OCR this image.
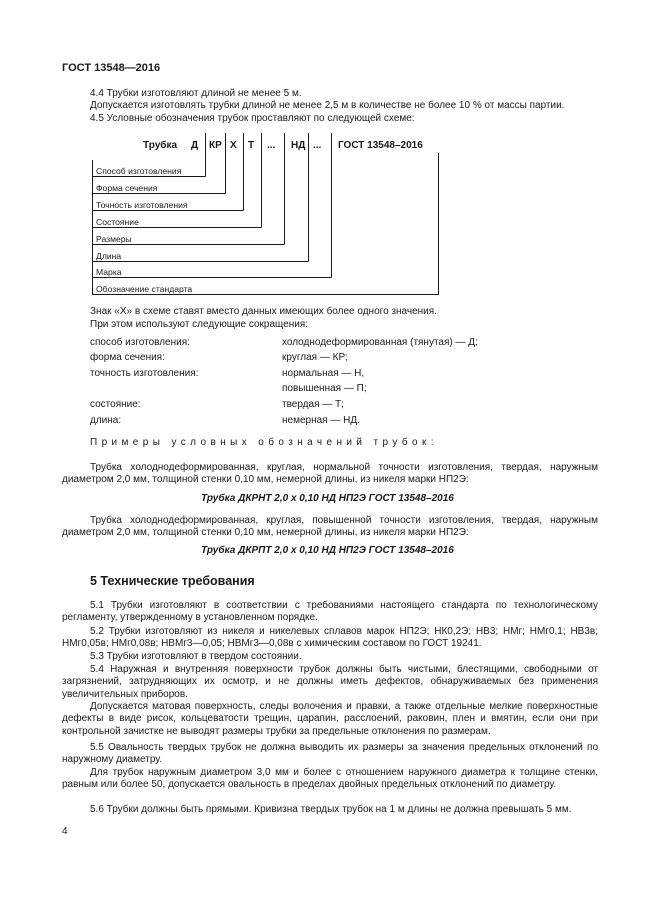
ГОСТ 13548—2016
4.4 Трубки изготовляют длиной не менее 5 м.
Допускается изготовлять трубки длиной не менее 2,5 м в количестве не более 10 % от массы партии.
4.5 Условные обозначения трубок проставляют по следующей схеме:
Трубка Д КР Х Т ... НД ... ГОСТ 13548–2016
Способ изготовления
Форма сечения
Точность изготовления
Состояние
Размеры
Длина
Марка
Обозначение стандарта
Знак «Х» в схеме ставят вместо данных имеющих более одного значения.
При этом используют следующие сокращения:
способ изготовления:	холоднодеформированная (тянутая) — Д;
форма сечения:	круглая — КР;
точность изготовления:	нормальная — Н,
повышенная — П;
состояние:	твердая — Т;
длина:	немерная — НД.
Примеры условных обозначений трубок:
Трубка холоднодеформированная, круглая, нормальной точности изготовления, твердая, наружным диаметром 2,0 мм, толщиной стенки 0,10 мм, немерной длины, из никеля марки НП2Э:
Трубка ДКРНТ 2,0 х 0,10 НД НП2Э ГОСТ 13548–2016
Трубка холоднодеформированная, круглая, повышенной точности изготовления, твердая, наружным диаметром 2,0 мм, толщиной стенки 0,10 мм, немерной длины, из никеля марки НП2Э:
Трубка ДКРПТ 2,0 х 0,10 НД НП2Э ГОСТ 13548–2016
5 Технические требования
5.1 Трубки изготовляют в соответствии с требованиями настоящего стандарта по технологическому регламенту, утвержденному в установленном порядке.
5.2 Трубки изготовляют из никеля и никелевых сплавов марок НП2Э; НК0,2Э; НВ3; НМг; НМг0,1; НВ3в; НМг0,05в; НМг0,08в; НВМг3—0,05; НВМг3—0,08в с химическим составом по ГОСТ 19241.
5.3 Трубки изготовляют в твердом состоянии.
5.4 Наружная и внутренняя поверхности трубок должны быть чистыми, блестящими, свободными от загрязнений, затрудняющих их осмотр, и не должны иметь дефектов, обнаруживаемых без применения увеличительных приборов.
Допускается матовая поверхность, следы волочения и правки, а также отдельные мелкие поверхностные дефекты в виде рисок, кольцеватости трещин, царапин, расслоений, раковин, плен и вмятин, если они при контрольной зачистке не выводят размеры трубки за предельные отклонения по размерам.
5.5 Овальность твердых трубок не должна выводить их размеры за значения предельных отклонений по наружному диаметру.
Для трубок наружным диаметром 3,0 мм и более с отношением наружного диаметра к толщине стенки, равным или более 50, допускается овальность в пределах двойных предельных отклонений по диаметру.
5.6 Трубки должны быть прямыми. Кривизна твердых трубок на 1 м длины не должна превышать 5 мм.
4
